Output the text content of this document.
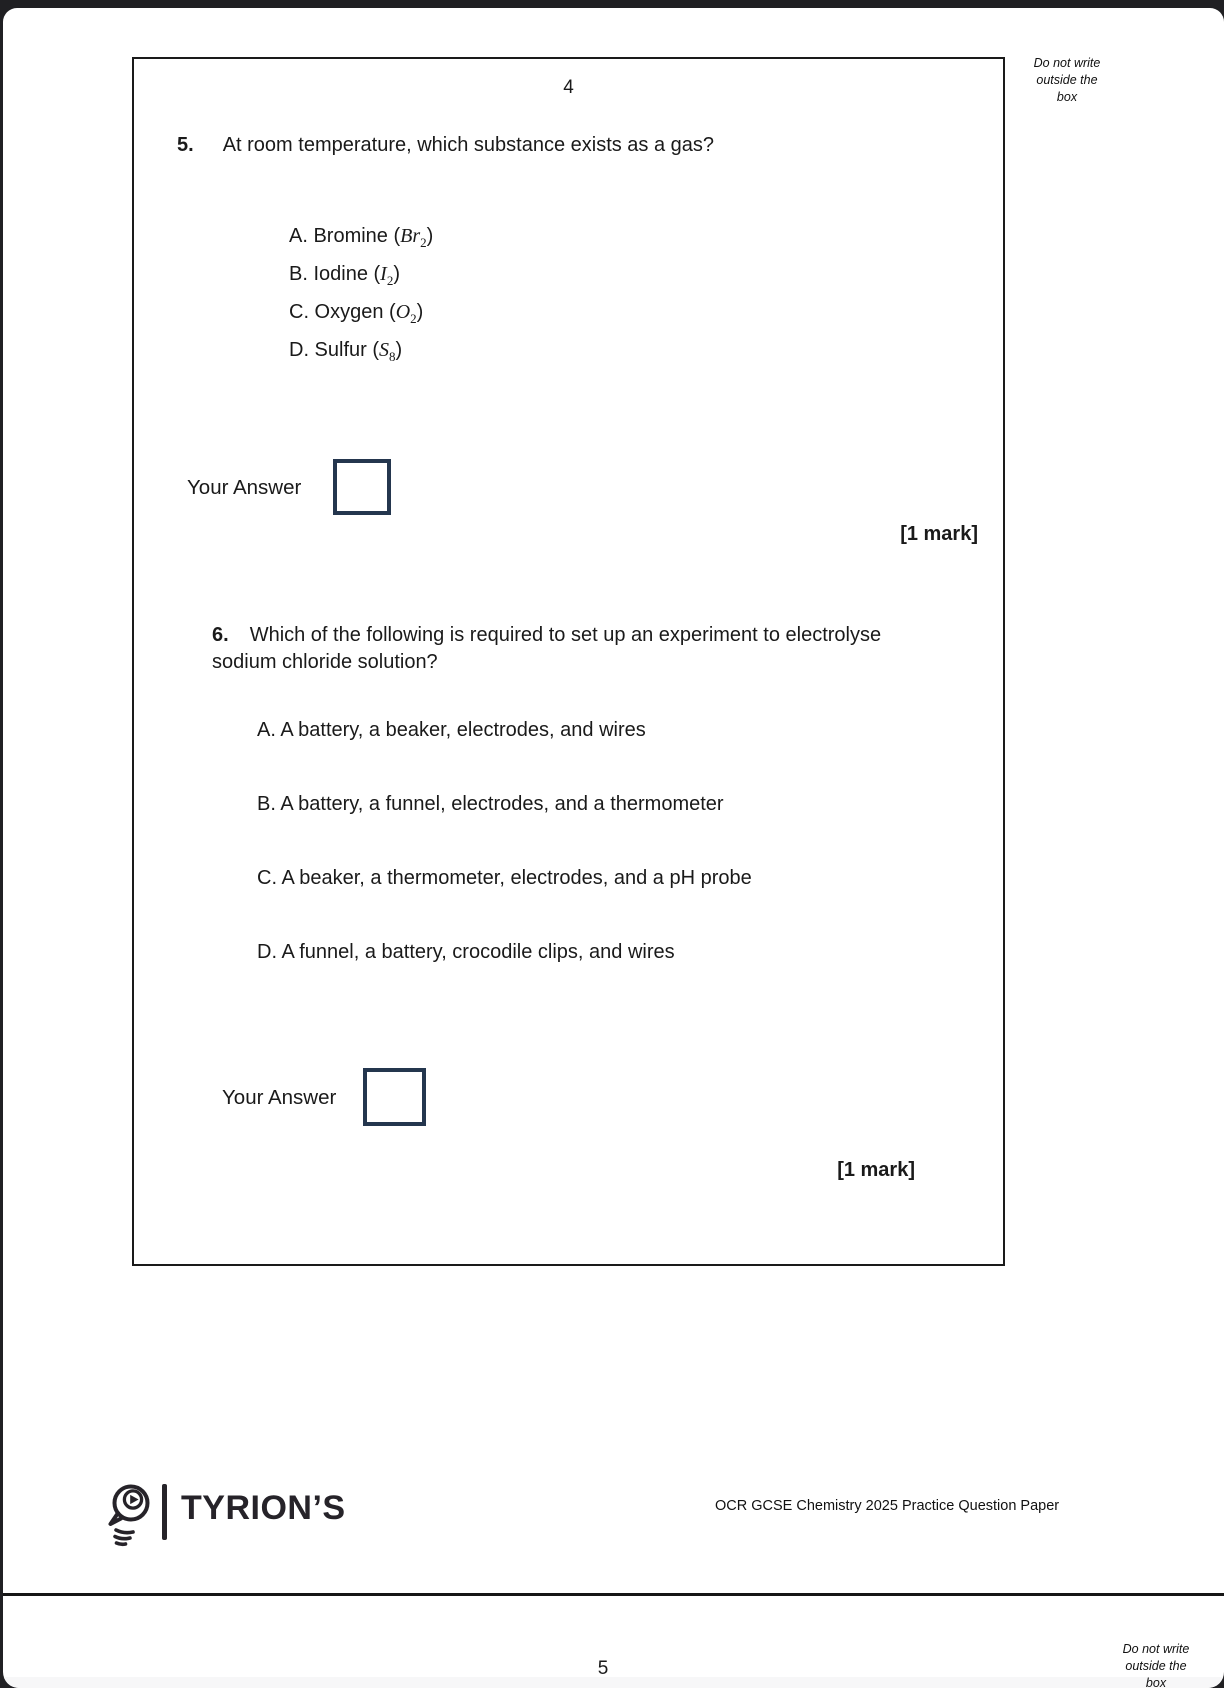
Do not write
outside the
box
4
5. At room temperature, which substance exists as a gas?
A. Bromine $(Br_2)$
B. Iodine $(I_2)$
C. Oxygen $(O_2)$
D. Sulfur $(S_8)$
Your Answer
[1 mark]
6. Which of the following is required to set up an experiment to electrolyse
sodium chloride solution?
A. A battery, a beaker, electrodes, and wires
B. A battery, a funnel, electrodes, and a thermometer
C. A beaker, a thermometer, electrodes, and a pH probe
D. A funnel, a battery, crocodile clips, and wires
Your Answer
[1 mark]
TYRION’S	OCR GCSE Chemistry 2025 Practice Question Paper
5
Do not write
outside the
box
